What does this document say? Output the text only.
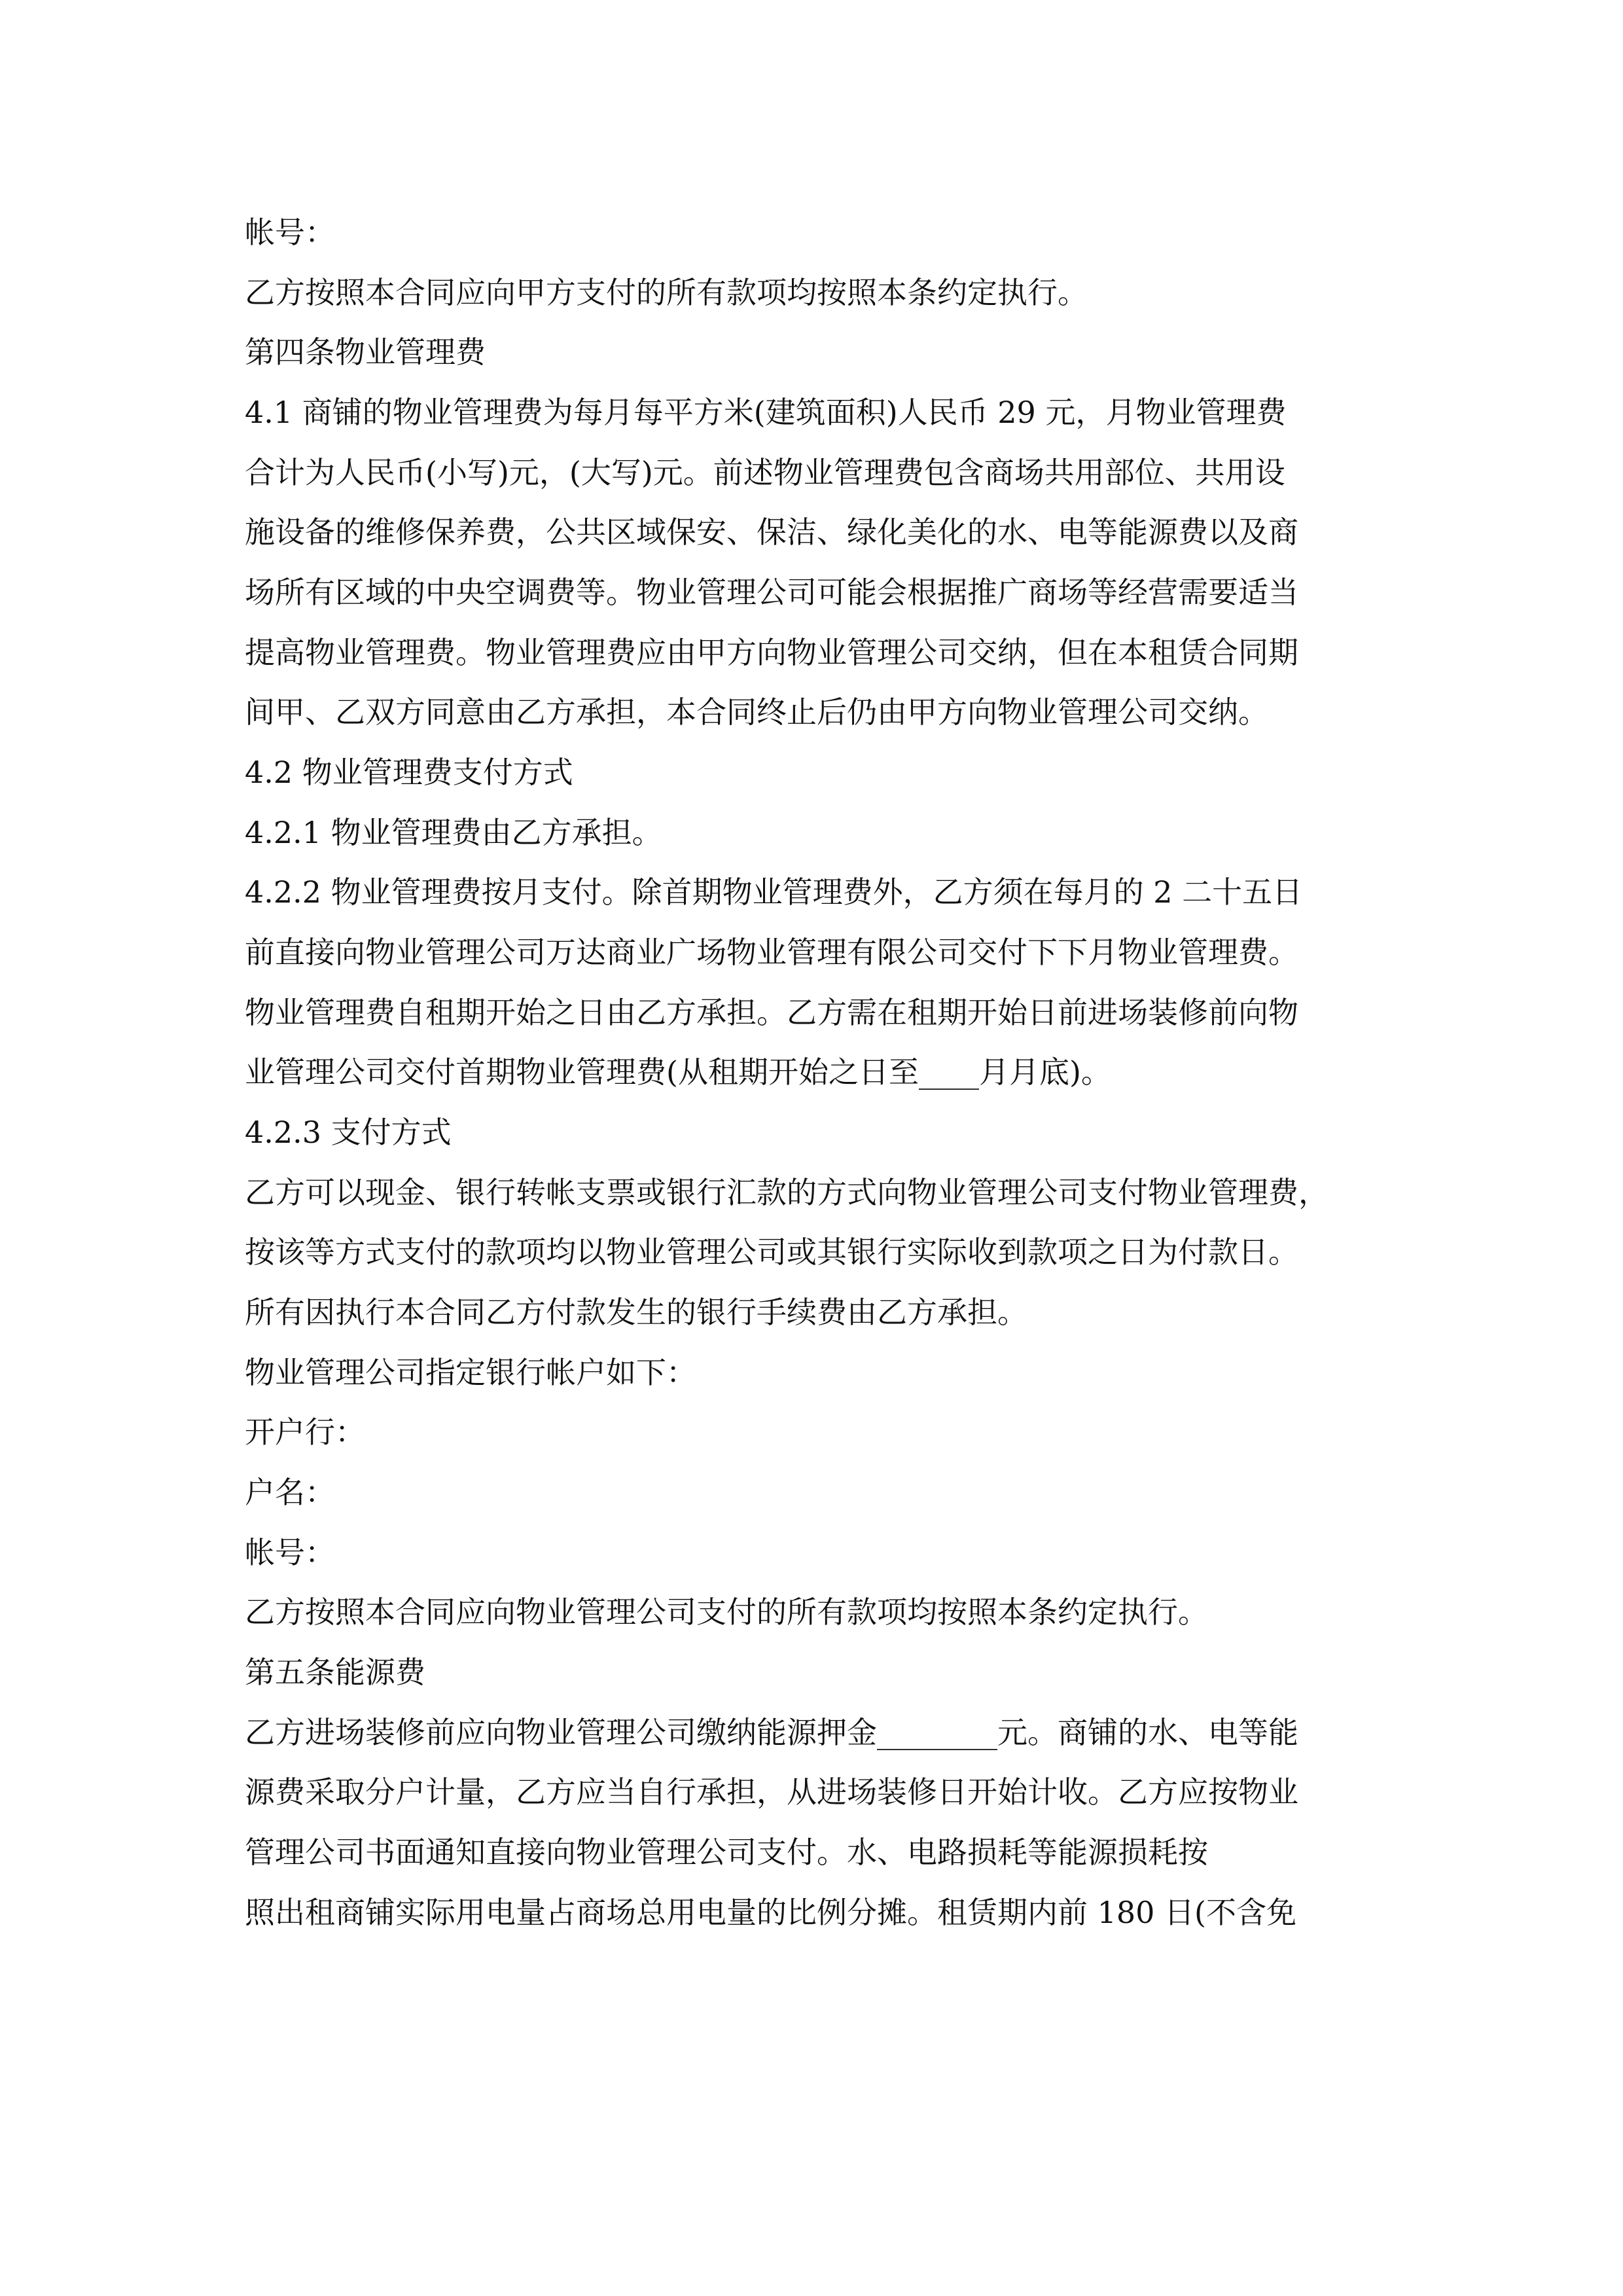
帐号：
乙方按照本合同应向甲方支付的所有款项均按照本条约定执行。
第四条物业管理费
4.1 商铺的物业管理费为每月每平方米(建筑面积)人民币 29 元，月物业管理费
合计为人民币(小写)元，(大写)元。前述物业管理费包含商场共用部位、共用设
施设备的维修保养费，公共区域保安、保洁、绿化美化的水、电等能源费以及商
场所有区域的中央空调费等。物业管理公司可能会根据推广商场等经营需要适当
提高物业管理费。物业管理费应由甲方向物业管理公司交纳，但在本租赁合同期
间甲、乙双方同意由乙方承担，本合同终止后仍由甲方向物业管理公司交纳。
4.2 物业管理费支付方式
4.2.1 物业管理费由乙方承担。
4.2.2 物业管理费按月支付。除首期物业管理费外，乙方须在每月的 2 二十五日
前直接向物业管理公司万达商业广场物业管理有限公司交付下下月物业管理费。
物业管理费自租期开始之日由乙方承担。乙方需在租期开始日前进场装修前向物
业管理公司交付首期物业管理费(从租期开始之日至____月月底)。
4.2.3 支付方式
乙方可以现金、银行转帐支票或银行汇款的方式向物业管理公司支付物业管理费，
按该等方式支付的款项均以物业管理公司或其银行实际收到款项之日为付款日。
所有因执行本合同乙方付款发生的银行手续费由乙方承担。
物业管理公司指定银行帐户如下：
开户行：
户名：
帐号：
乙方按照本合同应向物业管理公司支付的所有款项均按照本条约定执行。
第五条能源费
乙方进场装修前应向物业管理公司缴纳能源押金________元。商铺的水、电等能
源费采取分户计量，乙方应当自行承担，从进场装修日开始计收。乙方应按物业
管理公司书面通知直接向物业管理公司支付。水、电路损耗等能源损耗按
照出租商铺实际用电量占商场总用电量的比例分摊。租赁期内前 180 日(不含免
